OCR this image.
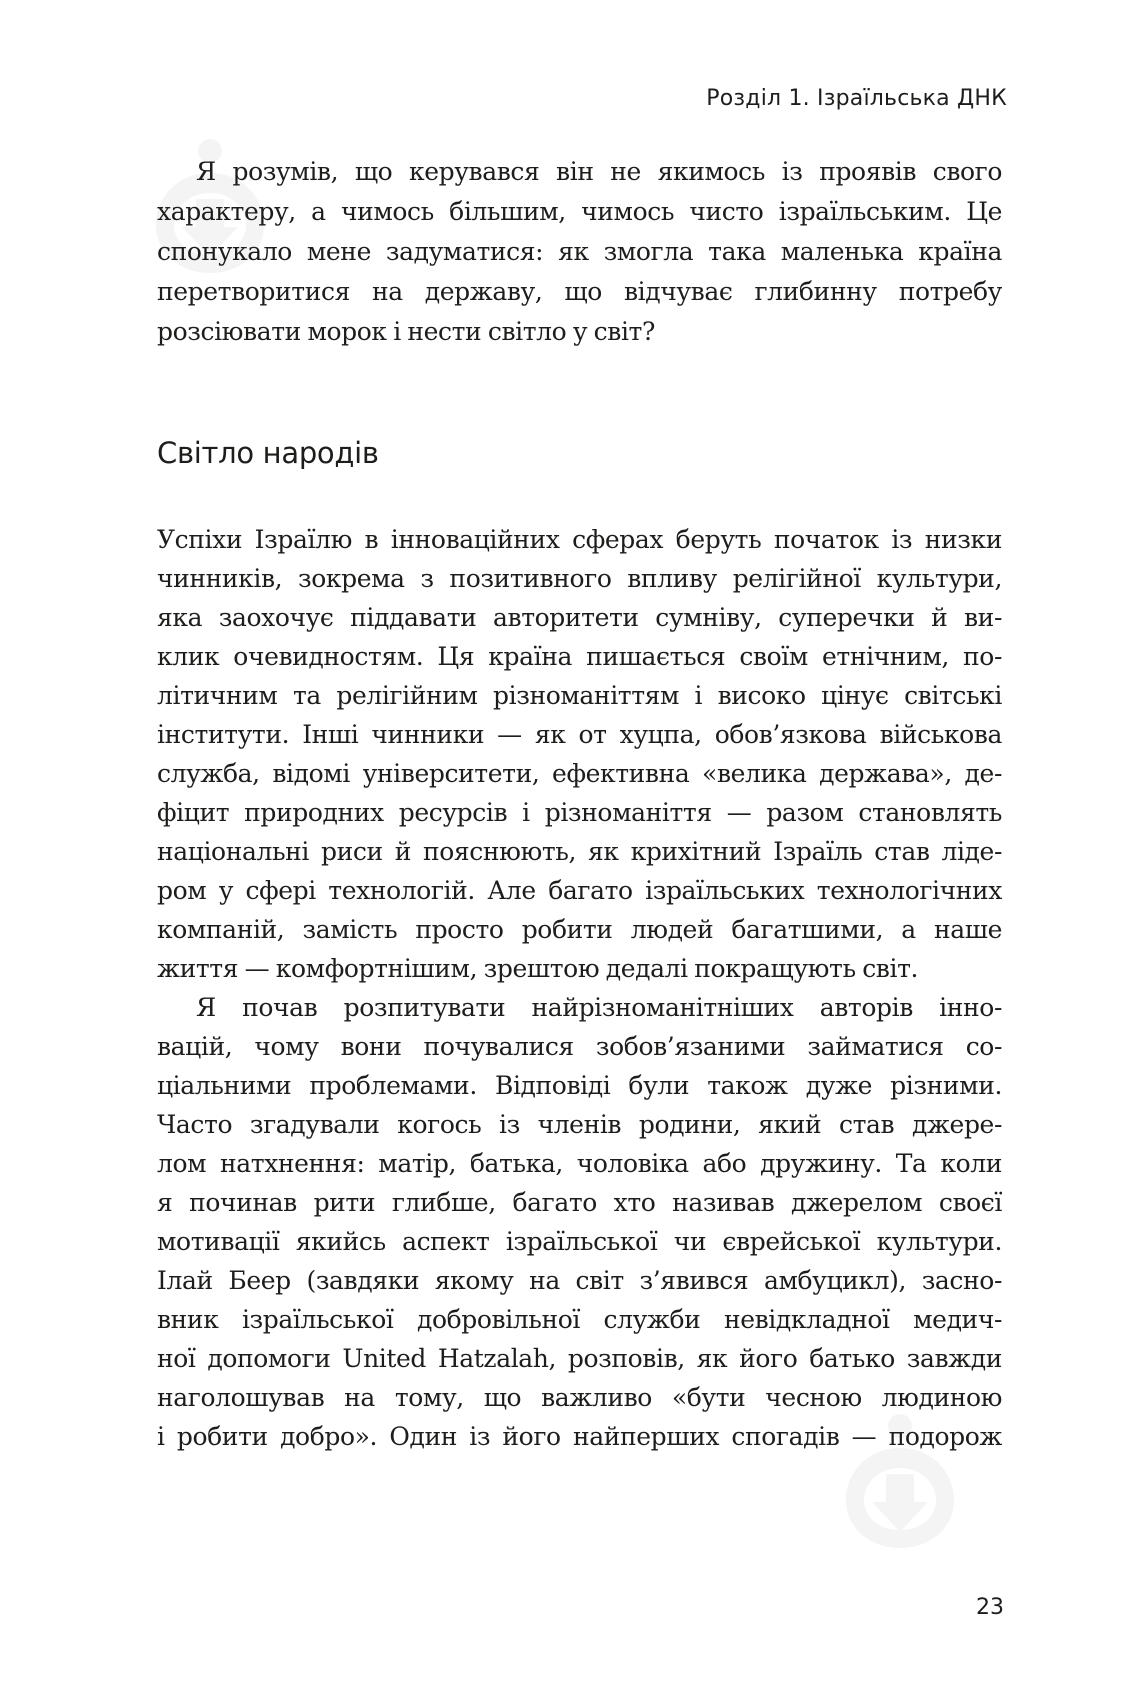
Розділ 1. Ізраїльська ДНК
Я розумів, що керувався він не якимось із проявів свого
характеру, а чимось більшим, чимось чисто ізраїльським. Це
спонукало мене задуматися: як змогла така маленька країна
перетворитися на державу, що відчуває глибинну потребу
розсіювати морок і нести світло у світ?
Світло народів
Успіхи Ізраїлю в інноваційних сферах беруть початок із низки
чинників, зокрема з позитивного впливу релігійної культури,
яка заохочує піддавати авторитети сумніву, суперечки й ви-
клик очевидностям. Ця країна пишається своїм етнічним, по-
літичним та релігійним різноманіттям і високо цінує світські
інститути. Інші чинники — як от хуцпа, обов’язкова військова
служба, відомі університети, ефективна «велика держава», де-
фіцит природних ресурсів і різноманіття — разом становлять
національні риси й пояснюють, як крихітний Ізраїль став ліде-
ром у сфері технологій. Але багато ізраїльських технологічних
компаній, замість просто робити людей багатшими, а наше
життя — комфортнішим, зрештою дедалі покращують світ.
Я почав розпитувати найрізноманітніших авторів інно-
вацій, чому вони почувалися зобов’язаними займатися со-
ціальними проблемами. Відповіді були також дуже різними.
Часто згадували когось із членів родини, який став джере-
лом натхнення: матір, батька, чоловіка або дружину. Та коли
я починав рити глибше, багато хто називав джерелом своєї
мотивації якийсь аспект ізраїльської чи єврейської культури.
Ілай Беер (завдяки якому на світ з’явився амбуцикл), засно-
вник ізраїльської добровільної служби невідкладної медич-
ної допомоги United Hatzalah, розповів, як його батько завжди
наголошував на тому, що важливо «бути чесною людиною
і робити добро». Один із його найперших спогадів — подорож
23
